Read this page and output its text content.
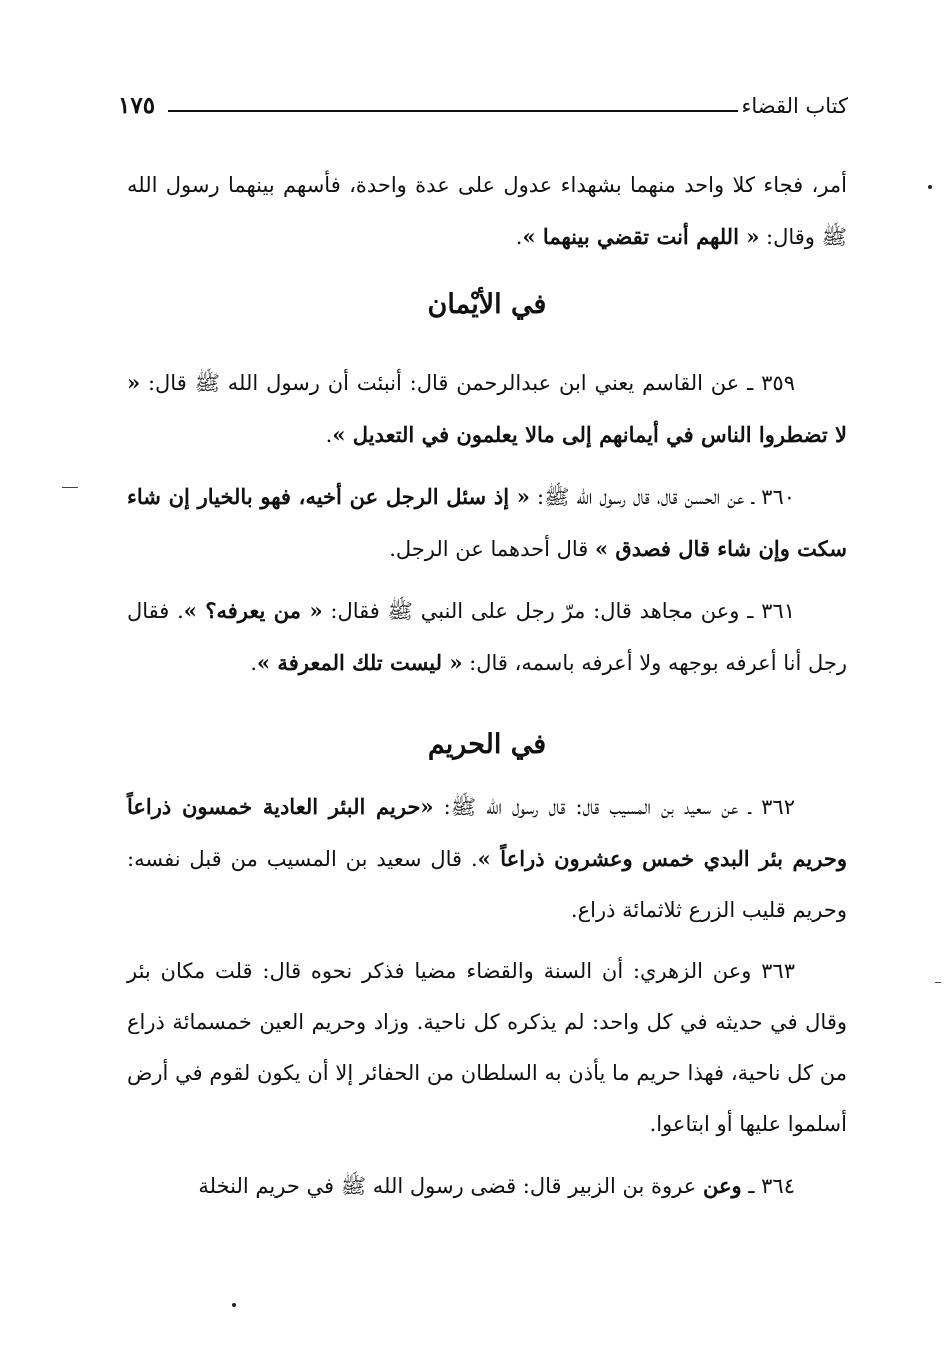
كتاب القضاء
١٧٥

أمر، فجاء كلا واحد منهما بشهداء عدول على عدة واحدة، فأسهم بينهما رسول الله ﷺ وقال: « اللهم أنت تقضي بينهما ».

في الأيْمان

٣٥٩ ـ عن القاسم يعني ابن عبدالرحمن قال: أنبئت أن رسول الله ﷺ قال: « لا تضطروا الناس في أيمانهم إلى مالا يعلمون في التعديل ».

٣٦٠ ـ عن الحسن قال، قال رسول الله ﷺ: « إذ سئل الرجل عن أخيه، فهو بالخيار إن شاء سكت وإن شاء قال فصدق » قال أحدهما عن الرجل.

٣٦١ ـ وعن مجاهد قال: مرّ رجل على النبي ﷺ فقال: « من يعرفه؟ ». فقال رجل أنا أعرفه بوجهه ولا أعرفه باسمه، قال: « ليست تلك المعرفة ».

في الحريم

٣٦٢ ـ عن سعيد بن المسيب قال: قال رسول الله ﷺ: «حريم البئر العادية خمسون ذراعاً وحريم بئر البدي خمس وعشرون ذراعاً ». قال سعيد بن المسيب من قبل نفسه: وحريم قليب الزرع ثلاثمائة ذراع.

٣٦٣ وعن الزهري: أن السنة والقضاء مضيا فذكر نحوه قال: قلت مكان بئر وقال في حديثه في كل واحد: لم يذكره كل ناحية. وزاد وحريم العين خمسمائة ذراع من كل ناحية، فهذا حريم ما يأذن به السلطان من الحفائر إلا أن يكون لقوم في أرض أسلموا عليها أو ابتاعوا.

٣٦٤ ـ وعن عروة بن الزبير قال: قضى رسول الله ﷺ في حريم النخلة
